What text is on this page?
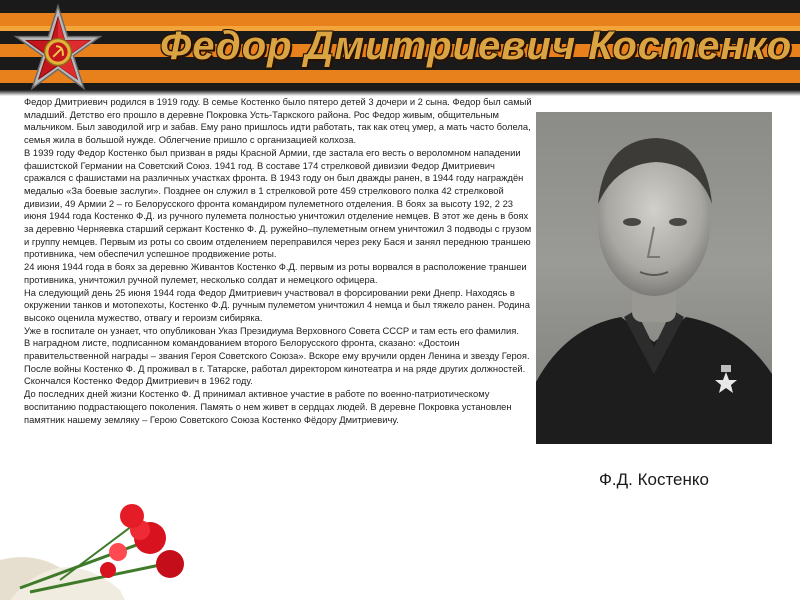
Федор Дмитриевич Костенко

Федор Дмитриевич родился в 1919 году. В семье Костенко было пятеро детей 3 дочери и 2 сына. Федор был самый младший. Детство его прошло в деревне Покровка Усть-Таркского района. Рос Федор живым, общительным мальчиком. Был заводилой игр и забав. Ему рано пришлось идти работать, так как отец умер, а мать часто болела, семья жила в большой нужде. Облегчение пришло с организацией колхоза.

В 1939 году Федор Костенко был призван в ряды Красной Армии, где застала его весть о вероломном нападении фашистской Германии на Советский Союз. 1941 год. В составе 174 стрелковой дивизии Федор Дмитриевич сражался с фашистами на различных участках фронта. В 1943 году он был дважды ранен, в 1944 году награждён медалью «За боевые заслуги». Позднее он служил в 1 стрелковой роте 459 стрелкового полка 42 стрелковой дивизии, 49 Армии 2 – го Белорусского фронта командиром пулеметного отделения. В боях за высоту 192, 2 23 июня 1944 года Костенко Ф.Д. из ручного пулемета полностью уничтожил отделение немцев. В этот же день в боях за деревню Черняевка старший сержант Костенко Ф. Д. ружейно–пулеметным огнем уничтожил 3 подводы с грузом и группу немцев. Первым из роты со своим отделением переправился через реку Бася и занял переднюю траншею противника, чем обеспечил успешное продвижение роты.

24 июня 1944 года в боях за деревню Живантов Костенко Ф.Д. первым из роты ворвался в расположение траншеи противника, уничтожил ручной пулемет, несколько солдат и немецкого офицера.

На следующий день 25 июня 1944 года Федор Дмитриевич участвовал в форсировании реки Днепр. Находясь в окружении танков и мотопехоты, Костенко Ф.Д. ручным пулеметом уничтожил 4 немца и был тяжело ранен. Родина высоко оценила мужество, отвагу и героизм сибиряка.

Уже в госпитале он узнает, что опубликован Указ Президиума Верховного Совета СССР и там есть его фамилия.

В наградном листе, подписанном командованием второго Белорусского фронта, сказано: «Достоин правительственной награды – звания Героя Советского Союза». Вскоре ему вручили орден Ленина и звезду Героя.

После войны Костенко Ф. Д проживал в г. Татарске, работал директором кинотеатра и на ряде других должностей. Скончался Костенко Федор Дмитриевич в 1962 году.

До последних дней жизни Костенко Ф. Д принимал активное участие в работе по военно-патриотическому воспитанию подрастающего поколения. Память о нем живет в сердцах людей. В деревне Покровка установлен памятник нашему земляку – Герою Советского Союза Костенко Фёдору Дмитриевичу.

Ф.Д. Костенко
